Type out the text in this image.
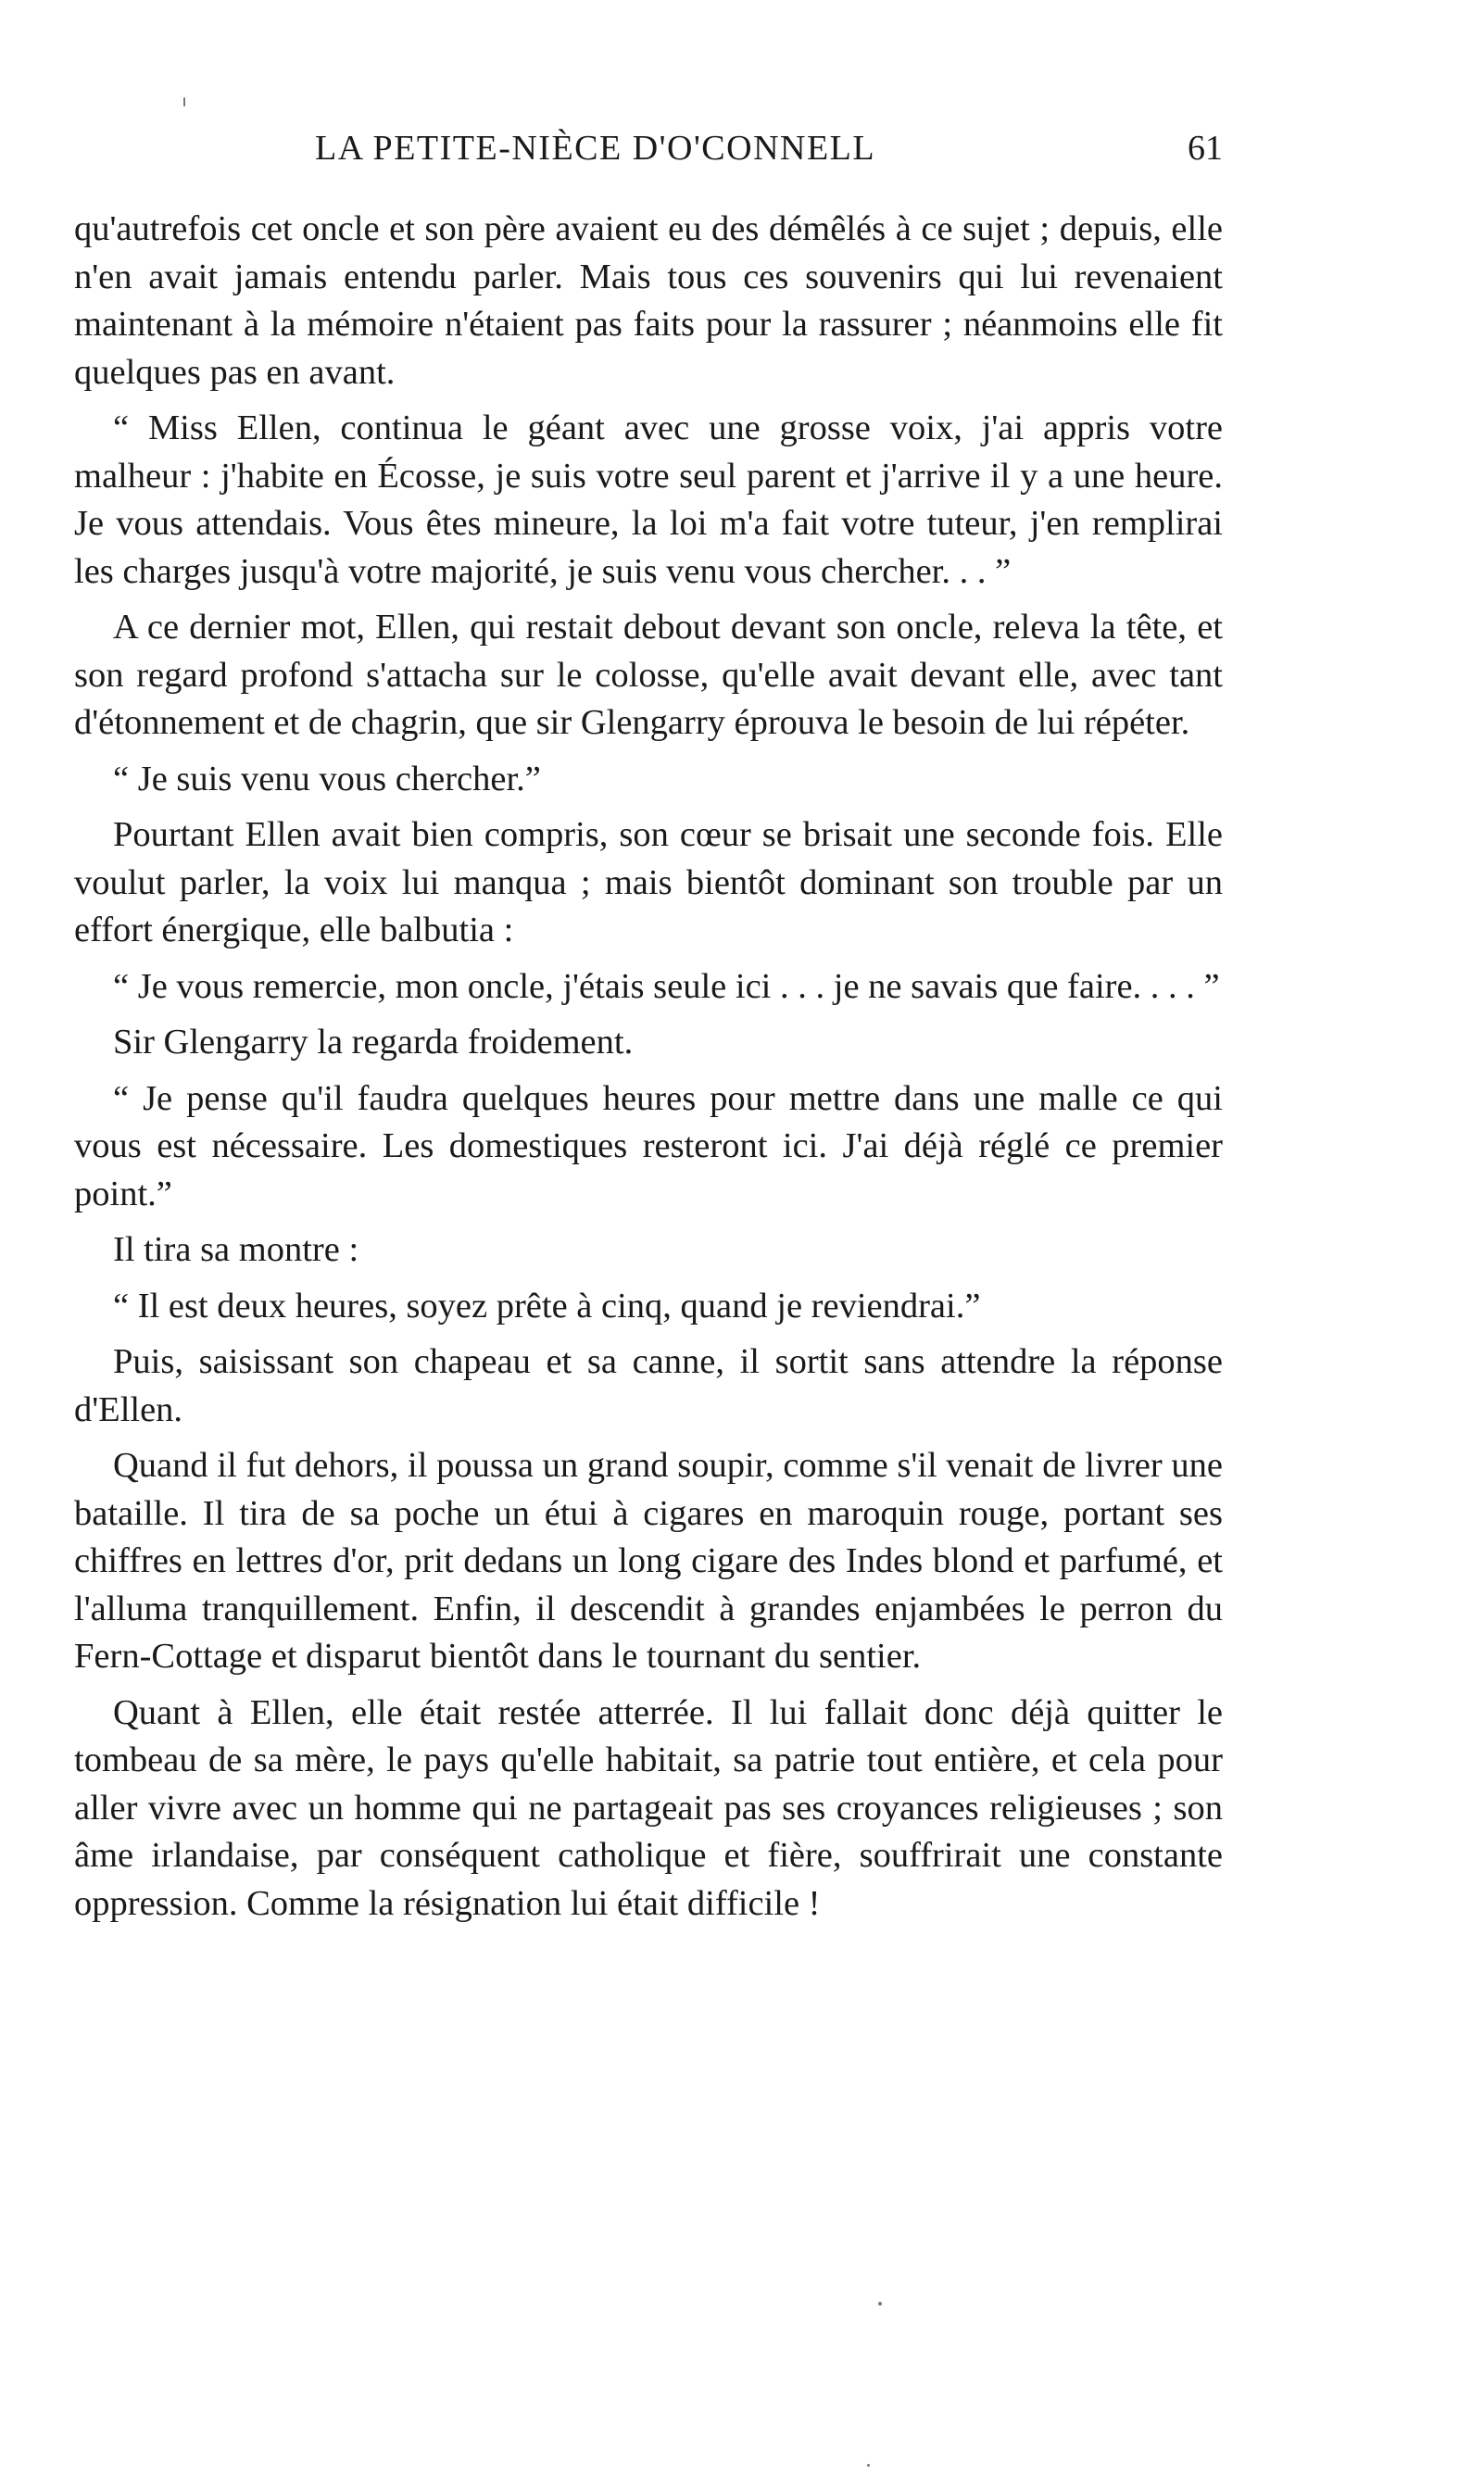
LA PETITE-NIÈCE D'O'CONNELL	61

qu'autrefois cet oncle et son père avaient eu des démêlés à ce sujet ; depuis, elle n'en avait jamais entendu parler. Mais tous ces souvenirs qui lui revenaient maintenant à la mémoire n'étaient pas faits pour la rassurer ; néanmoins elle fit quelques pas en avant.

“ Miss Ellen, continua le géant avec une grosse voix, j'ai appris votre malheur : j'habite en Écosse, je suis votre seul parent et j'arrive il y a une heure. Je vous attendais. Vous êtes mineure, la loi m'a fait votre tuteur, j'en remplirai les charges jusqu'à votre majorité, je suis venu vous chercher. . . ”

A ce dernier mot, Ellen, qui restait debout devant son oncle, releva la tête, et son regard profond s'attacha sur le colosse, qu'elle avait devant elle, avec tant d'étonnement et de chagrin, que sir Glengarry éprouva le besoin de lui répéter.

“ Je suis venu vous chercher.”

Pourtant Ellen avait bien compris, son cœur se brisait une seconde fois. Elle voulut parler, la voix lui manqua ; mais bientôt dominant son trouble par un effort énergique, elle balbutia :

“ Je vous remercie, mon oncle, j'étais seule ici . . . je ne savais que faire. . . . ”

Sir Glengarry la regarda froidement.

“ Je pense qu'il faudra quelques heures pour mettre dans une malle ce qui vous est nécessaire. Les domestiques resteront ici. J'ai déjà réglé ce premier point.”

Il tira sa montre :

“ Il est deux heures, soyez prête à cinq, quand je reviendrai.”

Puis, saisissant son chapeau et sa canne, il sortit sans attendre la réponse d'Ellen.

Quand il fut dehors, il poussa un grand soupir, comme s'il venait de livrer une bataille. Il tira de sa poche un étui à cigares en maroquin rouge, portant ses chiffres en lettres d'or, prit dedans un long cigare des Indes blond et parfumé, et l'alluma tranquillement. Enfin, il descendit à grandes enjambées le perron du Fern-Cottage et disparut bientôt dans le tournant du sentier.

Quant à Ellen, elle était restée atterrée. Il lui fallait donc déjà quitter le tombeau de sa mère, le pays qu'elle habitait, sa patrie tout entière, et cela pour aller vivre avec un homme qui ne partageait pas ses croyances religieuses ; son âme irlandaise, par conséquent catholique et fière, souffrirait une constante oppression. Comme la résignation lui était difficile !
